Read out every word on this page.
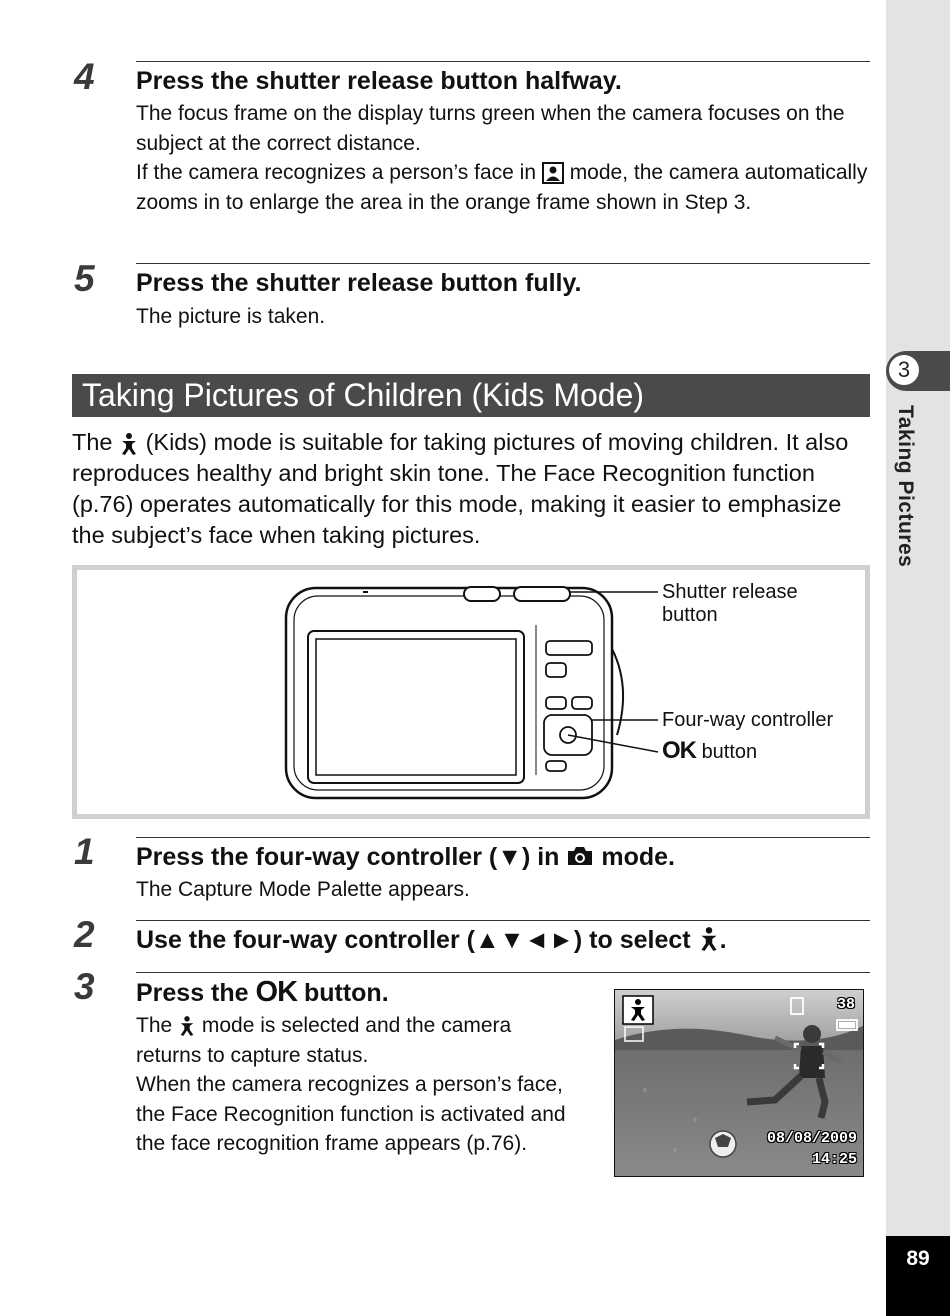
3
Taking Pictures
89
4 Press the shutter release button halfway.

The focus frame on the display turns green when the camera focuses on the subject at the correct distance.

If the camera recognizes a person’s face in mode, the camera automatically zooms in to enlarge the area in the orange frame shown in Step 3.

5 Press the shutter release button fully.
The picture is taken.
Taking Pictures of Children (Kids Mode)
The (Kids) mode is suitable for taking pictures of moving children. It also reproduces healthy and bright skin tone. The Face Recognition function (p.76) operates automatically for this mode, making it easier to emphasize the subject’s face when taking pictures.
Shutter release button
Four-way controller
OK button
1 Press the four-way controller (▼) in mode.
The Capture Mode Palette appears.
2 Use the four-way controller (▲▼◄►) to select .
3 Press the OK button.

The mode is selected and the camera returns to capture status.

When the camera recognizes a person’s face, the Face Recognition function is activated and the face recognition frame appears (p.76).

38
08/08/2009
14:25
